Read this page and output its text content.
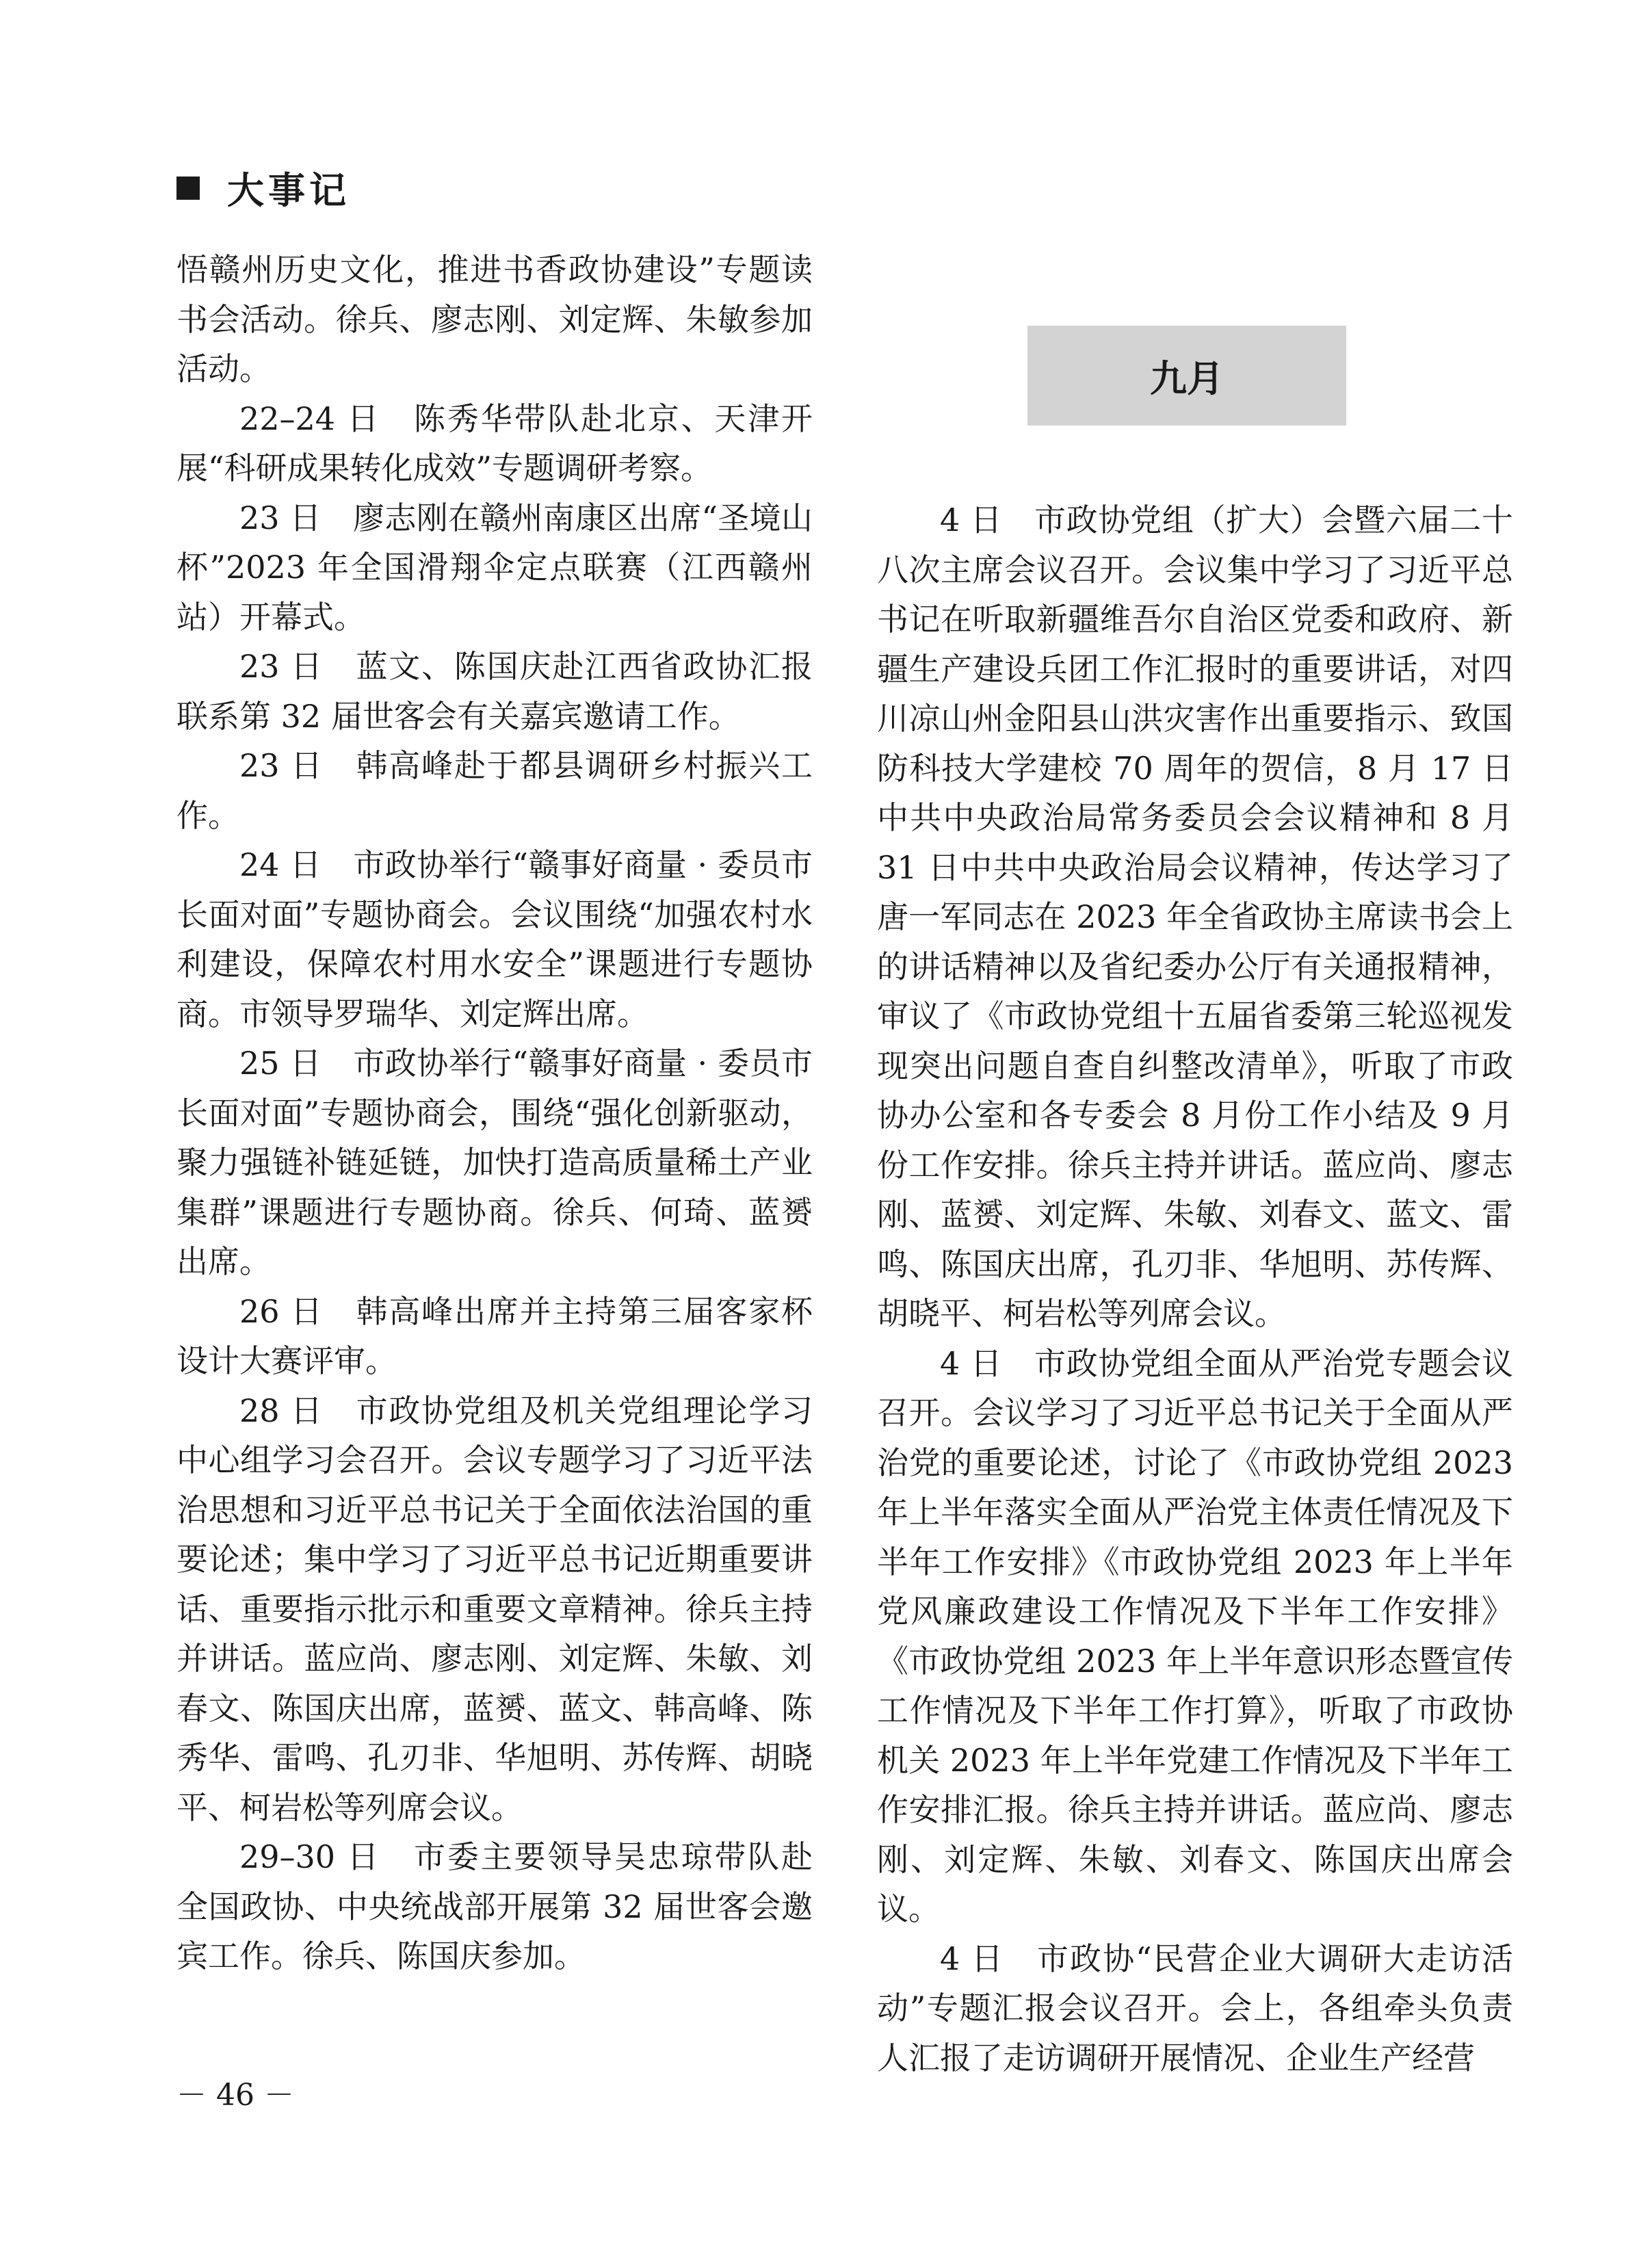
大事记

悟赣州历史文化，推进书香政协建设”专题读书会活动。徐兵、廖志刚、刘定辉、朱敏参加活动。

22–24 日　陈秀华带队赴北京、天津开展“科研成果转化成效”专题调研考察。

23 日　廖志刚在赣州南康区出席“圣境山杯”2023 年全国滑翔伞定点联赛（江西赣州站）开幕式。

23 日　蓝文、陈国庆赴江西省政协汇报联系第 32 届世客会有关嘉宾邀请工作。

23 日　韩高峰赴于都县调研乡村振兴工作。

24 日　市政协举行“赣事好商量 · 委员市长面对面”专题协商会。会议围绕“加强农村水利建设，保障农村用水安全”课题进行专题协商。市领导罗瑞华、刘定辉出席。

25 日　市政协举行“赣事好商量 · 委员市长面对面”专题协商会，围绕“强化创新驱动，聚力强链补链延链，加快打造高质量稀土产业集群”课题进行专题协商。徐兵、何琦、蓝赟出席。

26 日　韩高峰出席并主持第三届客家杯设计大赛评审。

28 日　市政协党组及机关党组理论学习中心组学习会召开。会议专题学习了习近平法治思想和习近平总书记关于全面依法治国的重要论述；集中学习了习近平总书记近期重要讲话、重要指示批示和重要文章精神。徐兵主持并讲话。蓝应尚、廖志刚、刘定辉、朱敏、刘春文、陈国庆出席，蓝赟、蓝文、韩高峰、陈秀华、雷鸣、孔刃非、华旭明、苏传辉、胡晓平、柯岩松等列席会议。

29–30 日　市委主要领导吴忠琼带队赴全国政协、中央统战部开展第 32 届世客会邀宾工作。徐兵、陈国庆参加。

九月

4 日　市政协党组（扩大）会暨六届二十八次主席会议召开。会议集中学习了习近平总书记在听取新疆维吾尔自治区党委和政府、新疆生产建设兵团工作汇报时的重要讲话，对四川凉山州金阳县山洪灾害作出重要指示、致国防科技大学建校 70 周年的贺信，8 月 17 日中共中央政治局常务委员会会议精神和 8 月 31 日中共中央政治局会议精神，传达学习了唐一军同志在 2023 年全省政协主席读书会上的讲话精神以及省纪委办公厅有关通报精神，审议了《市政协党组十五届省委第三轮巡视发现突出问题自查自纠整改清单》，听取了市政协办公室和各专委会 8 月份工作小结及 9 月份工作安排。徐兵主持并讲话。蓝应尚、廖志刚、蓝赟、刘定辉、朱敏、刘春文、蓝文、雷鸣、陈国庆出席，孔刃非、华旭明、苏传辉、胡晓平、柯岩松等列席会议。

4 日　市政协党组全面从严治党专题会议召开。会议学习了习近平总书记关于全面从严治党的重要论述，讨论了《市政协党组 2023 年上半年落实全面从严治党主体责任情况及下半年工作安排》《市政协党组 2023 年上半年党风廉政建设工作情况及下半年工作安排》《市政协党组 2023 年上半年意识形态暨宣传工作情况及下半年工作打算》，听取了市政协机关 2023 年上半年党建工作情况及下半年工作安排汇报。徐兵主持并讲话。蓝应尚、廖志刚、刘定辉、朱敏、刘春文、陈国庆出席会议。

4 日　市政协“民营企业大调研大走访活动”专题汇报会议召开。会上，各组牵头负责人汇报了走访调研开展情况、企业生产经营

－ 46 －
